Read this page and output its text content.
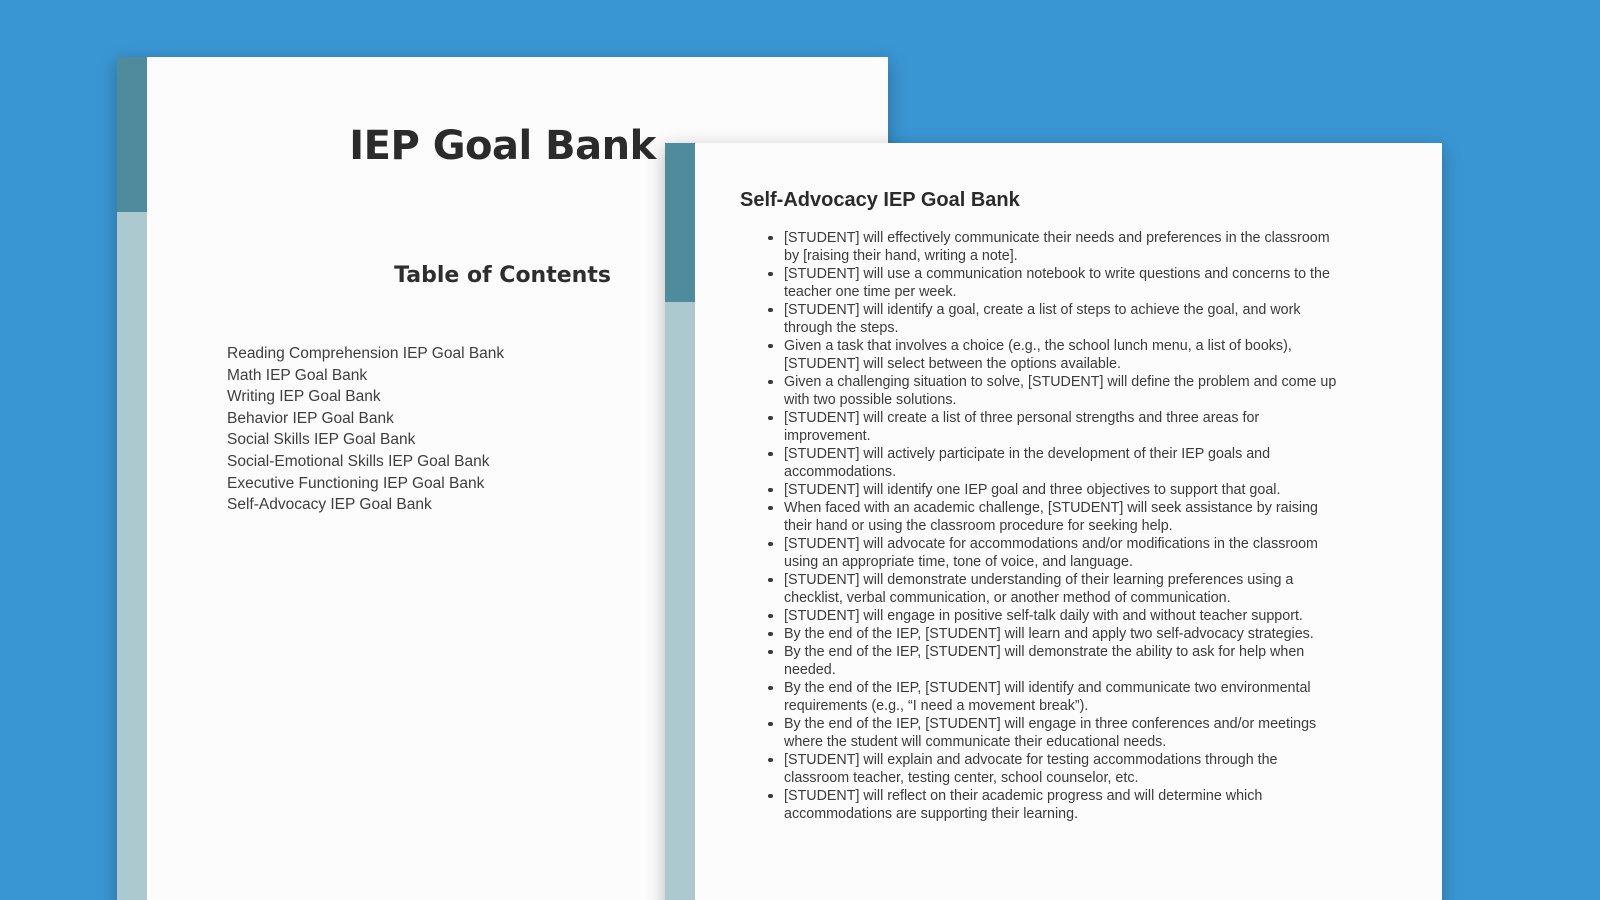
IEP Goal Bank
Table of Contents
Reading Comprehension IEP Goal Bank
Math IEP Goal Bank
Writing IEP Goal Bank
Behavior IEP Goal Bank
Social Skills IEP Goal Bank
Social-Emotional Skills IEP Goal Bank
Executive Functioning IEP Goal Bank
Self-Advocacy IEP Goal Bank
Self-Advocacy IEP Goal Bank
[STUDENT] will effectively communicate their needs and preferences in the classroom by [raising their hand, writing a note].
[STUDENT] will use a communication notebook to write questions and concerns to the teacher one time per week.
[STUDENT] will identify a goal, create a list of steps to achieve the goal, and work through the steps.
Given a task that involves a choice (e.g., the school lunch menu, a list of books), [STUDENT] will select between the options available.
Given a challenging situation to solve, [STUDENT] will define the problem and come up with two possible solutions.
[STUDENT] will create a list of three personal strengths and three areas for improvement.
[STUDENT] will actively participate in the development of their IEP goals and accommodations.
[STUDENT] will identify one IEP goal and three objectives to support that goal.
When faced with an academic challenge, [STUDENT] will seek assistance by raising their hand or using the classroom procedure for seeking help.
[STUDENT] will advocate for accommodations and/or modifications in the classroom using an appropriate time, tone of voice, and language.
[STUDENT] will demonstrate understanding of their learning preferences using a checklist, verbal communication, or another method of communication.
[STUDENT] will engage in positive self-talk daily with and without teacher support.
By the end of the IEP, [STUDENT] will learn and apply two self-advocacy strategies.
By the end of the IEP, [STUDENT] will demonstrate the ability to ask for help when needed.
By the end of the IEP, [STUDENT] will identify and communicate two environmental requirements (e.g., “I need a movement break”).
By the end of the IEP, [STUDENT] will engage in three conferences and/or meetings where the student will communicate their educational needs.
[STUDENT] will explain and advocate for testing accommodations through the classroom teacher, testing center, school counselor, etc.
[STUDENT] will reflect on their academic progress and will determine which accommodations are supporting their learning.
